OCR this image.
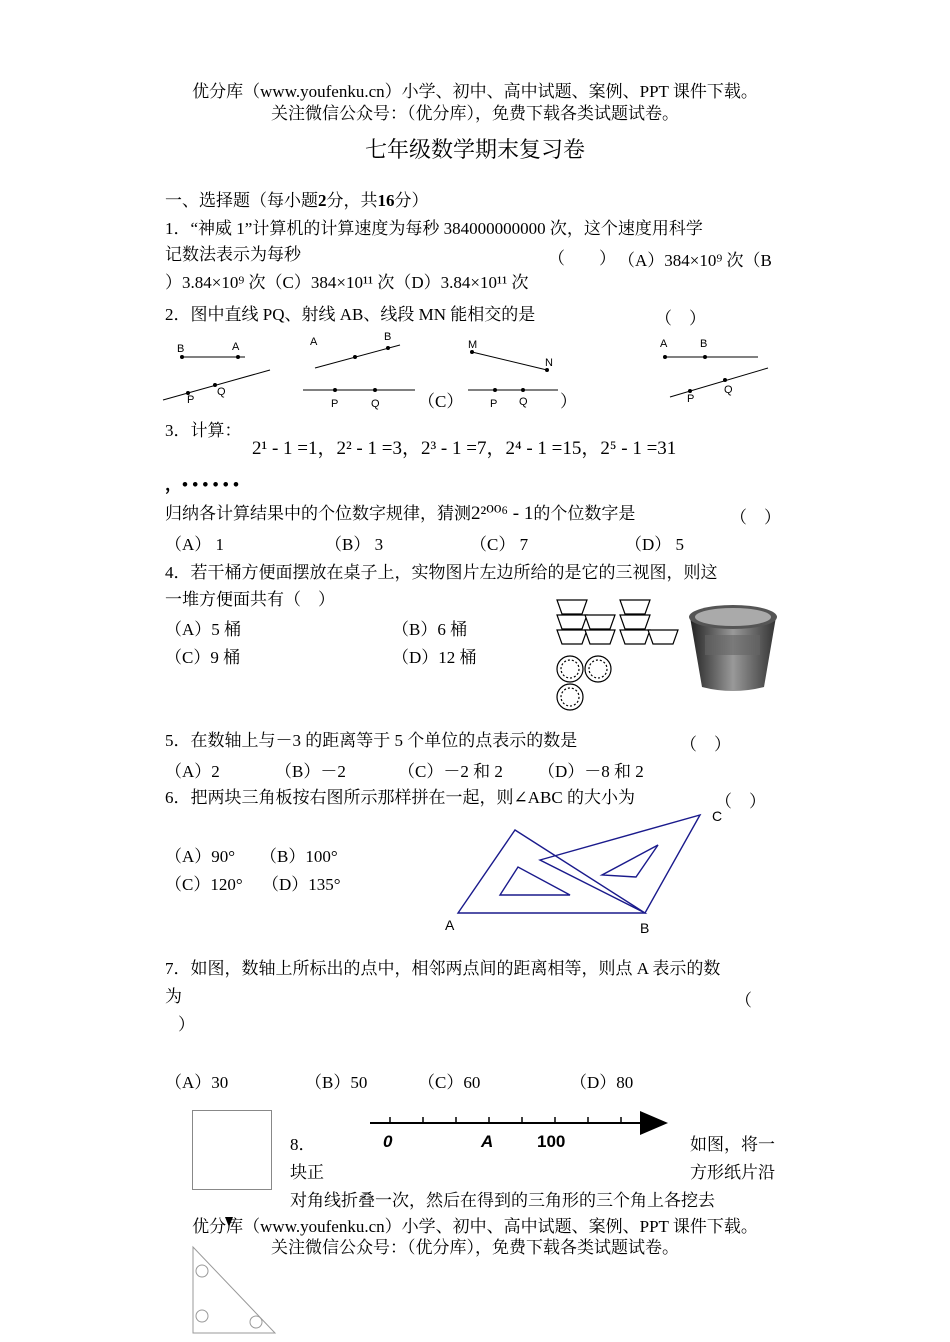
优分库（www.youfenku.cn）小学、初中、高中试题、案例、PPT 课件下载。
关注微信公众号：（优分库），免费下载各类试题试卷。
七年级数学期末复习卷
一、选择题（每小题2分，共16分）
1．“神威 1”计算机的计算速度为每秒 384000000000 次，这个速度用科学
记数法表示为每秒	（　　） （A）384×10⁹ 次（B
）3.84×10⁹ 次（C）384×10¹¹ 次（D）3.84×10¹¹ 次
2．图中直线 PQ、射线 AB、线段 MN 能相交的是	（　）
B	A
P
Q
A	B
P	Q
M
N
P Q
A	B
P
Q
（C）	）
3．计算：
2¹ - 1 =1，2² - 1 =3，2³ - 1 =7，2⁴ - 1 =15，2⁵ - 1 =31
，• • • • • •
归纳各计算结果中的个位数字规律，猜测2²⁰⁰⁶ - 1的个位数字是	（　）
（A） 1	（B） 3	（C） 7	（D） 5
4．若干桶方便面摆放在桌子上，实物图片左边所给的是它的三视图，则这
一堆方便面共有（　）
（A）5 桶	（B）6 桶
（C）9 桶	（D）12 桶
5．在数轴上与－3 的距离等于 5 个单位的点表示的数是	（　）
（A）2	（B）－2	（C）－2 和 2 （D）－8 和 2
6．把两块三角板按右图所示那样拼在一起，则∠ABC 的大小为	（　）
（A）90° （B）100°
（C）120° （D）135°
C
A	B
7．如图，数轴上所标出的点中，相邻两点间的距离相等，则点 A 表示的数
为	（
）
（A）30	（B）50	（C）60	（D）80
0	A	100
8．	如图，将一
块正	方形纸片沿
对角线折叠一次，然后在得到的三角形的三个角上各挖去
优分库（www.youfenku.cn）小学、初中、高中试题、案例、PPT 课件下载。
关注微信公众号：（优分库），免费下载各类试题试卷。
